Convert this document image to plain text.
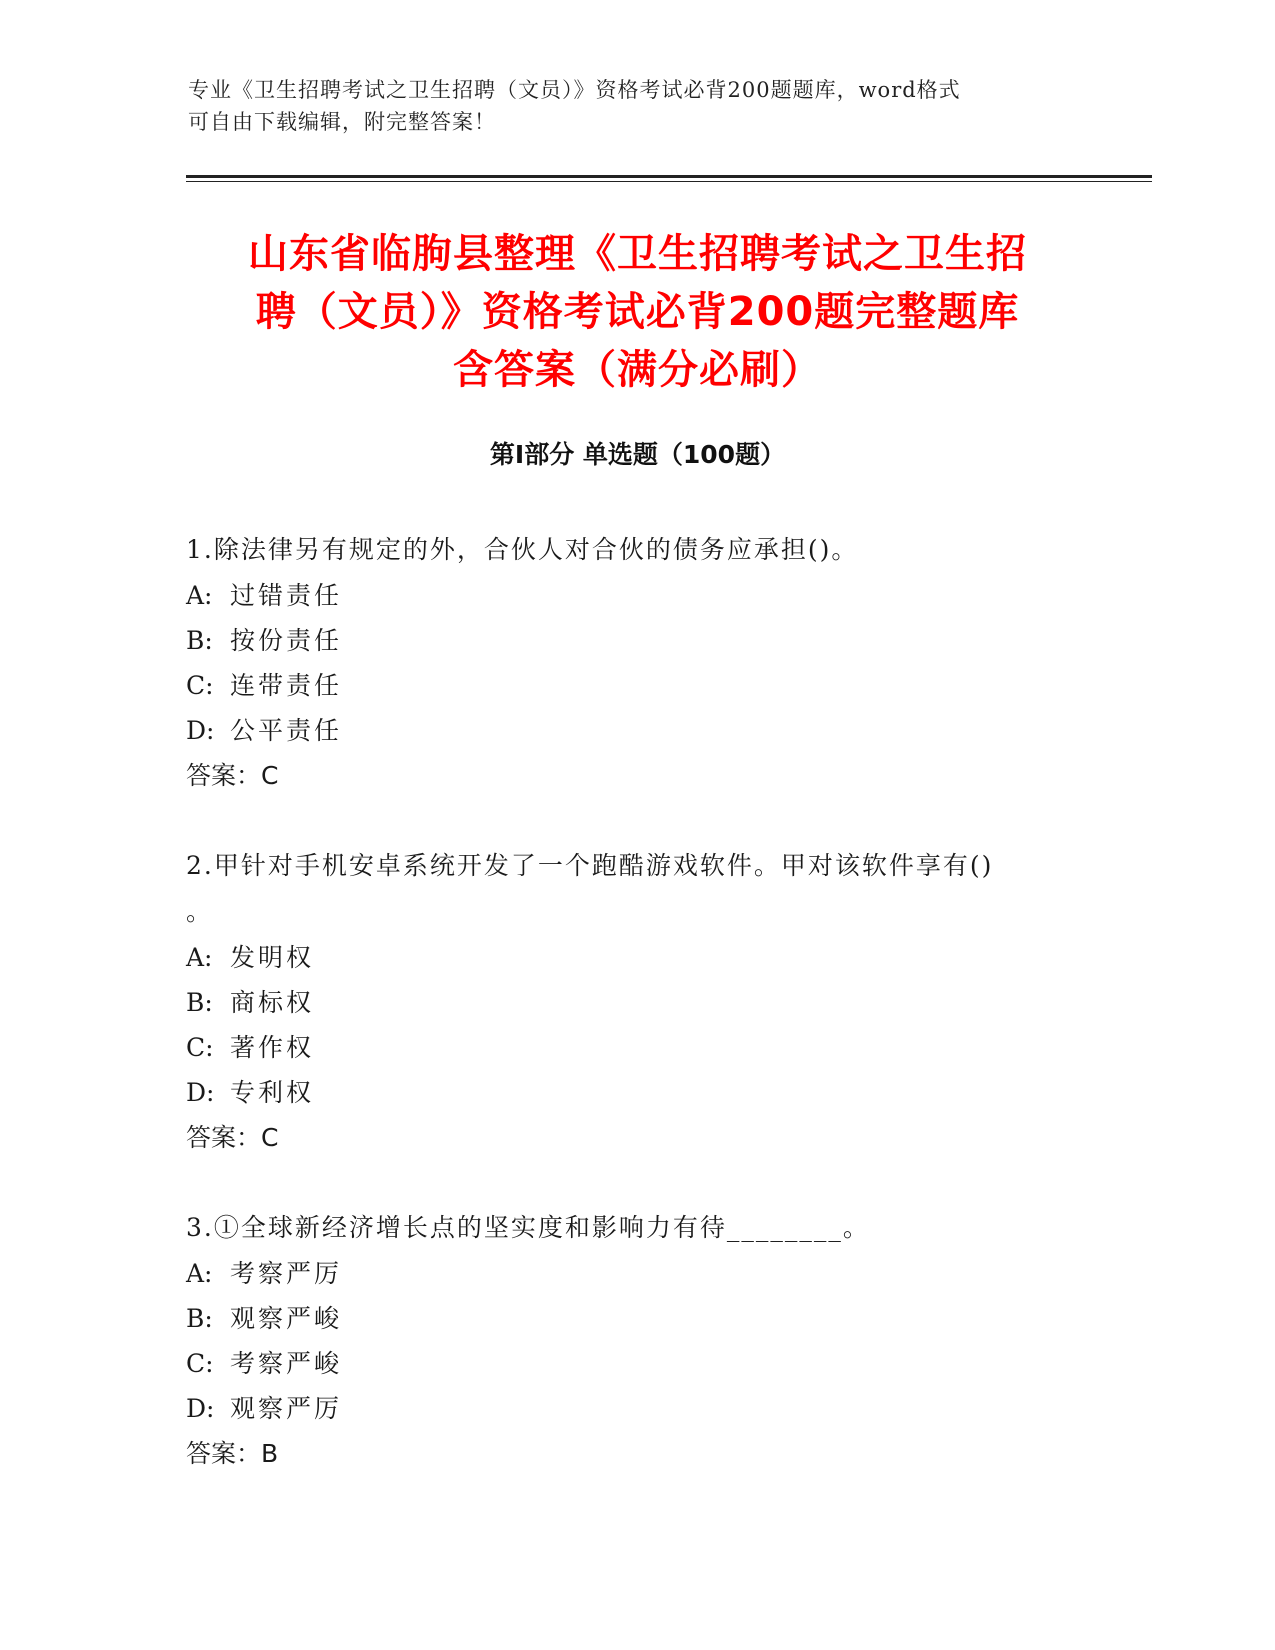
专业《卫生招聘考试之卫生招聘（文员）》资格考试必背200题题库，word格式
可自由下载编辑，附完整答案！
山东省临朐县整理《卫生招聘考试之卫生招
聘（文员）》资格考试必背200题完整题库
含答案（满分必刷）
第Ⅰ部分 单选题（100题）
1.除法律另有规定的外，合伙人对合伙的债务应承担()。
A: 过错责任
B: 按份责任
C: 连带责任
D: 公平责任
答案：C
2.甲针对手机安卓系统开发了一个跑酷游戏软件。甲对该软件享有()
。
A: 发明权
B: 商标权
C: 著作权
D: 专利权
答案：C
3.①全球新经济增长点的坚实度和影响力有待________。
A: 考察严厉
B: 观察严峻
C: 考察严峻
D: 观察严厉
答案：B
